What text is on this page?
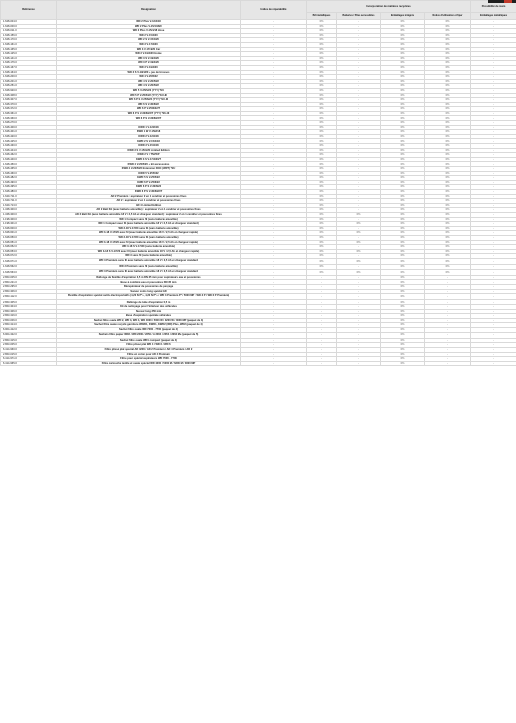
Référence	Désignation	Indice de réparabilité	Incorporation de matières recyclées				Possibilité de réem
			Bilt métalliques	Batteries / Piles accessibles	Emballages intégrés	Notice d'utilisation et fiper	Emballages métalliques
1.628-004.0	WD 2 Plus V-12/4/18	-	0%	-	0%	0%	-
1.628-000.0	WD 2 Plus V-15/4/18/C	-	0%	-	0%	0%	-
1.628-011.0	WD 2 Plus V-15/4/18 Hose	-	0%	-	0%	0%	-
1.628-156.0	WD 2 V-15/4/20	-	0%	-	0%	0%	-
1.628-170.0	WD 2 S V-15/4/20	-	0%	-	0%	0%	-
1.628-161.0	WD 3 V-17/4/20	-	0%	-	0%	0%	-
1.628-165.0	WD 3 V-17/4/20 Car	-	0%	-	0%	0%	-
1.628-125.0	WD 3 V-19/4/20 Home	-	0%	-	0%	0%	-
1.628-141.0	WD 3 S V-19/4/20	-	0%	-	0%	0%	-
1.628-176.0	WD 3 P V-19/4/20	-	0%	-	0%	0%	-
1.628-167.0	WD 3 V-19/4/20	-	0%	-	0%	0%	-
1.628-164.0	WD 3 S V-19/4/20 + jeu de brosses	-	0%	-	0%	0%	-
1.628-200.0	WD 4 V-20/5/22	-	0%	-	0%	0%	-
1.628-201.0	WD 4 S V-20/5/22	-	0%	-	0%	0%	-
1.628-251.0	WD 4 S V-20/5/22	-	0%	-	0%	0%	-
1.628-920.0	WD 5 V-25/5/22 (YYY) *EU	-	0%	-	0%	0%	-
1.628-308.0	WD 5 P V-25/5/22 (YYY) *EU-III	-	0%	-	0%	0%	-
1.628-307.0	WD 6 P S V-25/6/22 (YYY) *EU-III	-	0%	-	0%	0%	-
1.628-370.0	WD 6 S V-30/6/22	-	0%	-	0%	0%	-
1.628-372.0	WD 6 P V-25/6/22/T	-	0%	-	0%	0%	-
1.628-361.0	WD 6 P S V-30/6/22/T (YYY) *EU-III	-	0%	-	0%	0%	-
1.628-360.0	WD 6 P S V-30/6/22/T	-	0%	-	0%	0%	-
1.628-270.0		-	0%	-	0%	0%	-
1.628-400.0	KWD 1 V-12/2/18	-	0%	-	0%	0%	-
1.628-401.0	KWD 1 W V-15/2/18	-	0%	-	0%	0%	-
1.628-420.0	KWD 2 V-12/4/18	-	0%	-	0%	0%	-
1.628-425.0	KWD 2 S V-15/4/18	-	0%	-	0%	0%	-
1.628-430.0	KWD 3 V-15/4/18	-	0%	-	0%	0%	-
1.628-444.0	KWD 3 S V-15/4/20 Limited Edition	-	0%	-	0%	0%	-
1.628-462.0	KWD 2 V / T5/25/P	-	0%	-	0%	0%	-
1.628-440.0	KWD 3 S V-17/4/20/T	-	0%	-	0%	0%	-
1.628-450.0	KWD 4 V-20/5/20 + kit accessoires	-	0%	-	0%	0%	-
1.628-465.0	KWD 4 V-20/5/26 Extension DOC (WRT) *EU	-	0%	-	0%	0%	-
1.628-460.0	KWD 5 V-25/5/22	-	0%	-	0%	0%	-
1.628-482.0	KWD 5 S V-25/5/22	-	0%	-	0%	0%	-
1.628-490.0	KWD 6 P V-25/6/22	-	0%	-	0%	0%	-
1.628-495.0	KWD 6 P S V-30/6/22	-	0%	-	0%	0%	-
1.628-480.0	KWD 6 P S V-30/6/22/T	-	0%	-	0%	0%	-
1.629-711.0	AD 2 Premium : aspirateur 2 en 1 cendrier et poussières fines	-	0%	-	0%	0%	-
1.629-711.0	AD 2 : aspirateur 2 en 1 cendrier et poussières fines	-	0%	-	0%	0%	-
1.629-713.0	AD 4 Limited Edition	-	0%	-	0%	0%	-
1.348-300.0	AD 2 Batt Kit (avec batterie amovible) : aspirateur 2 en 1 cendrier et poussières fines	-	0%	-	0%	0%	-
1.348-300.0	AD 2 Batt Kit (avec batterie amovible 18 V / 2,5 Ah et chargeur standard) : aspirateur 2 en 1 cendrier et poussières fines	-	0%	0%	0%	0%	-
1.198-300.0	WD 1 Compact sans fil (sans batterie amovible)	-	0%	-	0%	0%	-
1.198-301.0	WD 1 Compact avec fil (avec batterie amovible 18 V / 2,5 Ah et chargeur standard)	-	0%	0%	0%	0%	-
1.628-600.0	WD 3-18 V-17/20 sans fil (sans batterie amovible)	-	0%	-	0%	0%	-
1.628-601.0	WD 3-18 V-17/20 avec fil (avec batterie amovible 18 V / 2,5 Ah et chargeur rapide)	-	0%	0%	0%	0%	-
1.628-650.0	WD 3-18 V-17/20 sans fil (sans batterie amovible)	-	0%	-	0%	0%	-
1.628-651.0	WD 3-18 V-17/20 avec fil (avec batterie amovible 18 V / 2,5 Ah et chargeur rapide)	-	0%	0%	0%	0%	-
1.628-652.0	WD 3-18 S V-17/20 (sans batterie amovible)	-	0%	-	0%	0%	-
1.628-653.0	WD 3-18 S V-17/20 avec fil (avec batterie amovible 18 V / 2,5 Ah et chargeur rapide)	-	0%	0%	0%	0%	-
1.628-672.0	WD 3 sans fil (sans batterie amovible)	-	0%	-	0%	0%	-
1.628-671.0	WD 3 Premium sans fil avec batterie amovible 18 V / 2,5 Ah et chargeur standard	-	0%	0%	0%	0%	-
1.628-562.0	WD 3 Premium sans fil (sans batterie amovible)	-	0%	-	0%	0%	-
1.628-563.0	WD 3 Premium sans fil avec batterie amovible 18 V / 2,5 Ah et chargeur standard	-	0%	0%	0%	0%	-
2.863-005.0	Rallonge de flexible d'aspiration 3,5 m DN 35 mm pour aspirateurs eau et poussières	-	-	-	0%	-	-
2.863-221.0	Buse à combiné eau et poussières DN 35 mm	-	-	-	0%	-	-
2.863-295.0	Récupérateur de poussières de perçage	-	-	-	0%	-	-
2.863-306.0	Suceur coins long spécial AD	-	-	-	0%	-	-
2.863-112.0	Flexible d'aspiration spécial outils électroportatifs (4,20 N P*+, 4,20 N P*+ / WD 3 Premium P* / 5000 MP : WD 3 P / WD 6 P Premium)	-	-	-	0%	-	-
2.863-305.0	Rallonge de tube d'aspiration 0,5 m	-	-	-	0%	-	-
2.863-304.0	Kit de nettoyage pour l'intérieur des véhicules	-	-	-	0%	-	-
2.863-306.0	Suceur long 350 mm	-	-	-	0%	-	-
2.863-316.0	Buse d'aspiration spéciale véhicules	-	-	-	0%	-	-
2.863-006.0	Sachet filtre ouate WD 2, WD 3, WD 4, WD 4000 / 5000 W / 3200 W / 3000 MP (paquet de 4)	-	-	-	0%	-	-
2.863-314.0	Sachet filtre ouate recyclé garniture WD/D1, KWD1, KWD2 (WD) Plus, WD2 (paquet de 4)	-	-	-	0%	-	-
6.904-412.0	Sachet filtre ouate WD 7200 - 7700 (paquet de 4)	-	-	-	0%	-	-
6.904-322.0	Sachets filtre papier WD2 / WD 2200 / 2250 / A 2004 / 2054 / 2064 Me (paquet de 5)	-	-	-	0%	-	-
2.863-315.0	Sachet filtre ouate WD1 compact (paquet de 4)	-	-	-	0%	-	-
2.863-005.0	Filtre plissé plat WD 4 / WD 6 / WD 6	-	-	-	0%	-	-
6.414-960.0	Filtre plissé plat spécial AD 4200 / AD 2 Premium / AD 4 Premium / AD 2	-	-	-	0%	-	-
2.863-015.0	Filtre en coton pour AD 4 Premium	-	-	-	0%	-	-
6.414-971.0	Filtre pour spécial aspirateurs WD 7000 - 7700	-	-	-	0%	-	-
6.414-965.0	Filtre cartouche textile et ouate spécial WD 4200 / 5200 M / 6300 M / 3600 MP	-	-	-	0%	-	-
